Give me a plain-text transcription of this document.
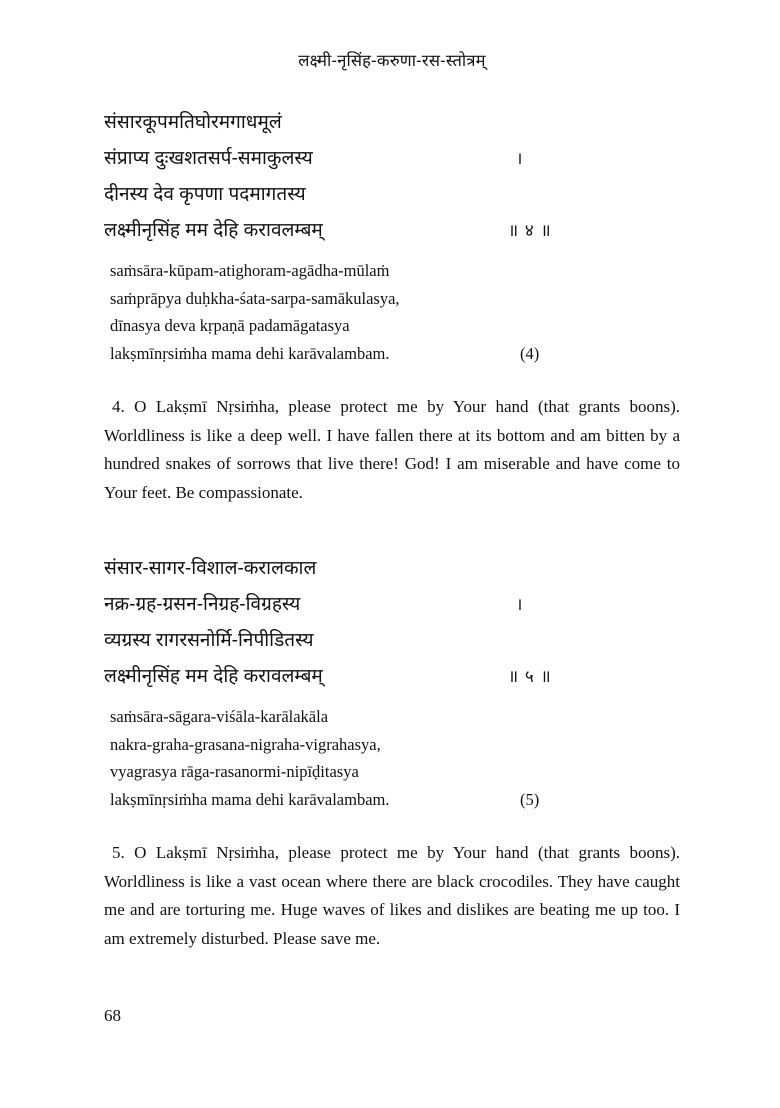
लक्ष्मी-नृसिंह-करुणा-रस-स्तोत्रम्
संसारकूपमतिघोरमगाधमूलं
संप्राप्य दुःखशतसर्प-समाकुलस्य	।
दीनस्य देव कृपणा पदमागतस्य
लक्ष्मीनृसिंह मम देहि करावलम्बम्	॥ ४ ॥
saṁsāra-kūpam-atighoram-agādha-mūlaṁ
saṁprāpya duḥkha-śata-sarpa-samākulasya,
dīnasya deva kṛpaṇā padamāgatasya
lakṣmīnṛsiṁha mama dehi karāvalambam.	(4)
4. O Lakṣmī Nṛsiṁha, please protect me by Your hand (that grants boons). Worldliness is like a deep well. I have fallen there at its bottom and am bitten by a hundred snakes of sorrows that live there! God! I am miserable and have come to Your feet. Be compassionate.
संसार-सागर-विशाल-करालकाल
नक्र-ग्रह-ग्रसन-निग्रह-विग्रहस्य	।
व्यग्रस्य रागरसनोर्मि-निपीडितस्य
लक्ष्मीनृसिंह मम देहि करावलम्बम्	॥ ५ ॥
saṁsāra-sāgara-viśāla-karālakāla
nakra-graha-grasana-nigraha-vigrahasya,
vyagrasya rāga-rasanormi-nipīḍitasya
lakṣmīnṛsiṁha mama dehi karāvalambam.	(5)
5. O Lakṣmī Nṛsiṁha, please protect me by Your hand (that grants boons). Worldliness is like a vast ocean where there are black crocodiles. They have caught me and are torturing me. Huge waves of likes and dislikes are beating me up too. I am extremely disturbed. Please save me.
68
